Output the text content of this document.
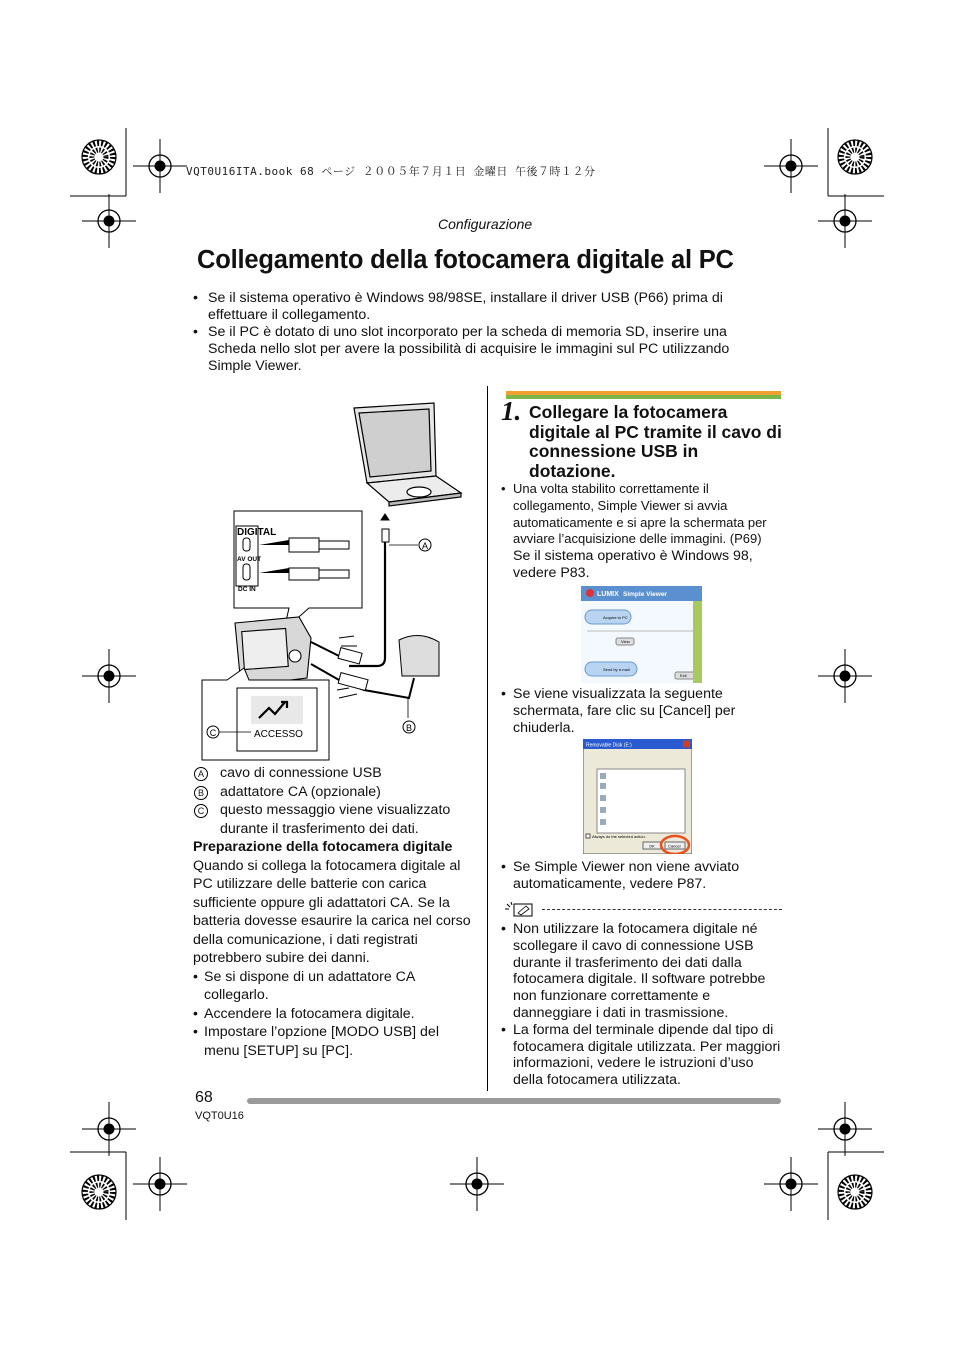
VQT0U16ITA.book 68 ページ ２００５年７月１日 金曜日 午後７時１２分
Configurazione
Collegamento della fotocamera digitale al PC
• Se il sistema operativo è Windows 98/98SE, installare il driver USB (P66) prima di effettuare il collegamento.
• Se il PC è dotato di uno slot incorporato per la scheda di memoria SD, inserire una Scheda nello slot per avere la possibilità di acquisire le immagini sul PC utilizzando Simple Viewer.
A
DIGITAL
AV OUT
DC IN
B
ACCESSO
C
A cavo di connessione USB
B adattatore CA (opzionale)
C questo messaggio viene visualizzato durante il trasferimento dei dati.
Preparazione della fotocamera digitale
Quando si collega la fotocamera digitale al PC utilizzare delle batterie con carica sufficiente oppure gli adattatori CA. Se la batteria dovesse esaurire la carica nel corso della comunicazione, i dati registrati potrebbero subire dei danni.
• Se si dispone di un adattatore CA collegarlo.
• Accendere la fotocamera digitale.
• Impostare l’opzione [MODO USB] del menu [SETUP] su [PC].
1. Collegare la fotocamera digitale al PC tramite il cavo di connessione USB in dotazione.
• Una volta stabilito correttamente il collegamento, Simple Viewer si avvia automaticamente e si apre la schermata per avviare l’acquisizione delle immagini. (P69)
Se il sistema operativo è Windows 98, vedere P83.
LUMIX Simple Viewer
Acquire to PC
View
Send by e-mail
Exit
• Se viene visualizzata la seguente schermata, fare clic su [Cancel] per chiuderla.
Removable Disk (E:)
Always do the selected action.
OK	Cancel
• Se Simple Viewer non viene avviato automaticamente, vedere P87.
• Non utilizzare la fotocamera digitale né scollegare il cavo di connessione USB durante il trasferimento dei dati dalla fotocamera digitale. Il software potrebbe non funzionare correttamente e danneggiare i dati in trasmissione.
• La forma del terminale dipende dal tipo di fotocamera digitale utilizzata. Per maggiori informazioni, vedere le istruzioni d’uso della fotocamera utilizzata.
68
VQT0U16
